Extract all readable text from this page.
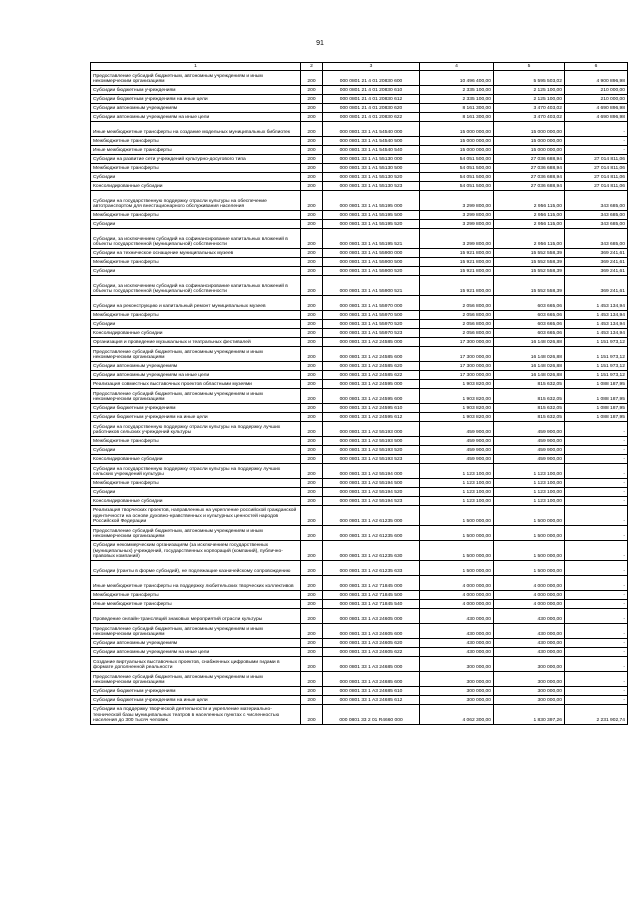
91
1	2	3	4	5	6
Предоставление субсидий бюджетным, автономным учреждениям и иным некоммерческим организациям	200	000 0801 21 4 01 20830 600	10 496 400,00	5 595 503,02	4 900 896,98
Субсидии бюджетным учреждениям	200	000 0801 21 4 01 20830 610	2 335 100,00	2 125 100,00	210 000,00
Субсидии бюджетным учреждениям на иные цели	200	000 0801 21 4 01 20830 612	2 335 100,00	2 125 100,00	210 000,00
Субсидии автономным учреждениям	200	000 0801 21 4 01 20830 620	8 161 300,00	3 470 403,02	4 690 896,98
Субсидии автономным учреждениям на иные цели	200	000 0801 21 4 01 20830 622	8 161 300,00	3 470 403,02	4 690 896,98
Иные межбюджетные трансферты на создание модельных муниципальных библиотек	200	000 0801 33 1 A1 54540 000	15 000 000,00	15 000 000,00	-
Межбюджетные трансферты	200	000 0801 33 1 A1 54540 500	15 000 000,00	15 000 000,00	-
Иные межбюджетные трансферты	200	000 0801 33 1 A1 54540 540	15 000 000,00	15 000 000,00	-
Субсидии на развитие сети учреждений культурно-досугового типа	200	000 0801 33 1 A1 55130 000	54 051 500,00	27 036 688,94	27 014 811,06
Межбюджетные трансферты	200	000 0801 33 1 A1 55130 500	54 051 500,00	27 036 688,94	27 014 811,06
Субсидии	200	000 0801 33 1 A1 55130 520	54 051 500,00	27 036 688,94	27 014 811,06
Консолидированные субсидии	200	000 0801 33 1 A1 55130 523	54 051 500,00	27 036 688,94	27 014 811,06
Субсидии на государственную поддержку отрасли культуры на обеспечение автотранспортом для внестационарного обслуживания населения	200	000 0801 33 1 A1 55195 000	3 299 800,00	2 956 115,00	343 685,00
Межбюджетные трансферты	200	000 0801 33 1 A1 55195 500	3 299 800,00	2 956 115,00	343 685,00
Субсидии	200	000 0801 33 1 A1 55195 520	3 299 800,00	2 956 115,00	343 685,00
Субсидии, за исключением субсидий на софинансирование капитальных вложений в объекты государственной (муниципальной) собственности	200	000 0801 33 1 A1 55195 521	3 299 800,00	2 956 115,00	343 685,00
Субсидии на техническое оснащение муниципальных музеев	200	000 0801 33 1 A1 55900 000	15 921 800,00	15 552 558,39	369 241,61
Межбюджетные трансферты	200	000 0801 33 1 A1 55900 500	15 921 800,00	15 552 558,39	369 241,61
Субсидии	200	000 0801 33 1 A1 55900 520	15 921 800,00	15 552 558,39	369 241,61
Субсидии, за исключением субсидий на софинансирование капитальных вложений в объекты государственной (муниципальной) собственности	200	000 0801 33 1 A1 55900 521	15 921 800,00	15 552 558,39	369 241,61
Субсидии на реконструкцию и капитальный ремонт муниципальных музеев	200	000 0801 33 1 A1 55970 000	2 056 800,00	603 665,06	1 453 134,94
Межбюджетные трансферты	200	000 0801 33 1 A1 55970 500	2 056 800,00	603 665,06	1 453 134,94
Субсидии	200	000 0801 33 1 A1 55970 520	2 056 800,00	603 665,06	1 453 134,94
Консолидированные субсидии	200	000 0801 33 1 A1 55970 523	2 056 800,00	603 665,06	1 453 134,94
Организация и проведение музыкальных и театральных фестивалей	200	000 0801 33 1 A2 24585 000	17 300 000,00	16 148 026,88	1 151 973,12
Предоставление субсидий бюджетным, автономным учреждениям и иным некоммерческим организациям	200	000 0801 33 1 A2 24585 600	17 300 000,00	16 148 026,88	1 151 973,12
Субсидии автономным учреждениям	200	000 0801 33 1 A2 24585 620	17 300 000,00	16 148 026,88	1 151 973,12
Субсидии автономным учреждениям на иные цели	200	000 0801 33 1 A2 24585 622	17 300 000,00	16 148 026,88	1 151 973,12
Реализация совместных выставочных проектов областными музеями	200	000 0801 33 1 A2 24595 000	1 903 820,00	815 632,05	1 088 187,95
Предоставление субсидий бюджетным, автономным учреждениям и иным некоммерческим организациям	200	000 0801 33 1 A2 24595 600	1 903 820,00	815 632,05	1 088 187,95
Субсидии бюджетным учреждениям	200	000 0801 33 1 A2 24595 610	1 903 820,00	815 632,05	1 088 187,95
Субсидии бюджетным учреждениям на иные цели	200	000 0801 33 1 A2 24595 612	1 903 820,00	815 632,05	1 088 187,95
Субсидии на государственную поддержку отрасли культуры на поддержку лучших работников сельских учреждений культуры	200	000 0801 33 1 A2 55193 000	459 900,00	459 900,00	-
Межбюджетные трансферты	200	000 0801 33 1 A2 55193 500	459 900,00	459 900,00	-
Субсидии	200	000 0801 33 1 A2 55193 520	459 900,00	459 900,00	-
Консолидированные субсидии	200	000 0801 33 1 A2 55193 523	459 900,00	459 900,00	-
Субсидии на государственную поддержку отрасли культуры на поддержку лучших сельских учреждений культуры	200	000 0801 33 1 A2 55194 000	1 123 100,00	1 123 100,00	-
Межбюджетные трансферты	200	000 0801 33 1 A2 55194 500	1 123 100,00	1 123 100,00	-
Субсидии	200	000 0801 33 1 A2 55194 520	1 123 100,00	1 123 100,00	-
Консолидированные субсидии	200	000 0801 33 1 A2 55194 523	1 123 100,00	1 123 100,00	-
Реализация творческих проектов, направленных на укрепление российской гражданской идентичности на основе духовно-нравственных и культурных ценностей народов Российской Федерации	200	000 0801 33 1 A2 61235 000	1 500 000,00	1 500 000,00	-
Предоставление субсидий бюджетным, автономным учреждениям и иным некоммерческим организациям	200	000 0801 33 1 A2 61235 600	1 500 000,00	1 500 000,00	-
Субсидии некоммерческим организациям (за исключением государственных (муниципальных) учреждений, государственных корпораций (компаний), публично-правовых компаний)	200	000 0801 33 1 A2 61235 630	1 500 000,00	1 500 000,00	-
Субсидии (гранты в форме субсидий), не подлежащие казначейскому сопровождению	200	000 0801 33 1 A2 61235 633	1 500 000,00	1 500 000,00	-
Иные межбюджетные трансферты на поддержку любительских творческих коллективов	200	000 0801 33 1 A2 71845 000	4 000 000,00	4 000 000,00	-
Межбюджетные трансферты	200	000 0801 33 1 A2 71845 500	4 000 000,00	4 000 000,00	-
Иные межбюджетные трансферты	200	000 0801 33 1 A2 71845 540	4 000 000,00	4 000 000,00	-
Проведение онлайн-трансляций знаковых мероприятий отрасли культуры	200	000 0801 33 1 A3 24605 000	430 000,00	430 000,00	-
Предоставление субсидий бюджетным, автономным учреждениям и иным некоммерческим организациям	200	000 0801 33 1 A3 24605 600	430 000,00	430 000,00	-
Субсидии автономным учреждениям	200	000 0801 33 1 A3 24605 620	430 000,00	430 000,00	-
Субсидии автономным учреждениям на иные цели	200	000 0801 33 1 A3 24605 622	430 000,00	430 000,00	-
Создание виртуальных выставочных проектов, снабженных цифровыми гидами в формате дополненной реальности	200	000 0801 33 1 A3 24685 000	300 000,00	300 000,00	-
Предоставление субсидий бюджетным, автономным учреждениям и иным некоммерческим организациям	200	000 0801 33 1 A3 24685 600	300 000,00	300 000,00	-
Субсидии бюджетным учреждениям	200	000 0801 33 1 A3 24685 610	300 000,00	300 000,00	-
Субсидии бюджетным учреждениям на иные цели	200	000 0801 33 1 A3 24685 612	300 000,00	300 000,00	-
Субсидии на поддержку творческой деятельности и укрепление материально-технической базы муниципальных театров в населенных пунктах с численностью населения до 300 тысяч человек	200	000 0801 33 2 01 R4660 000	4 062 300,00	1 830 397,26	2 231 902,74
